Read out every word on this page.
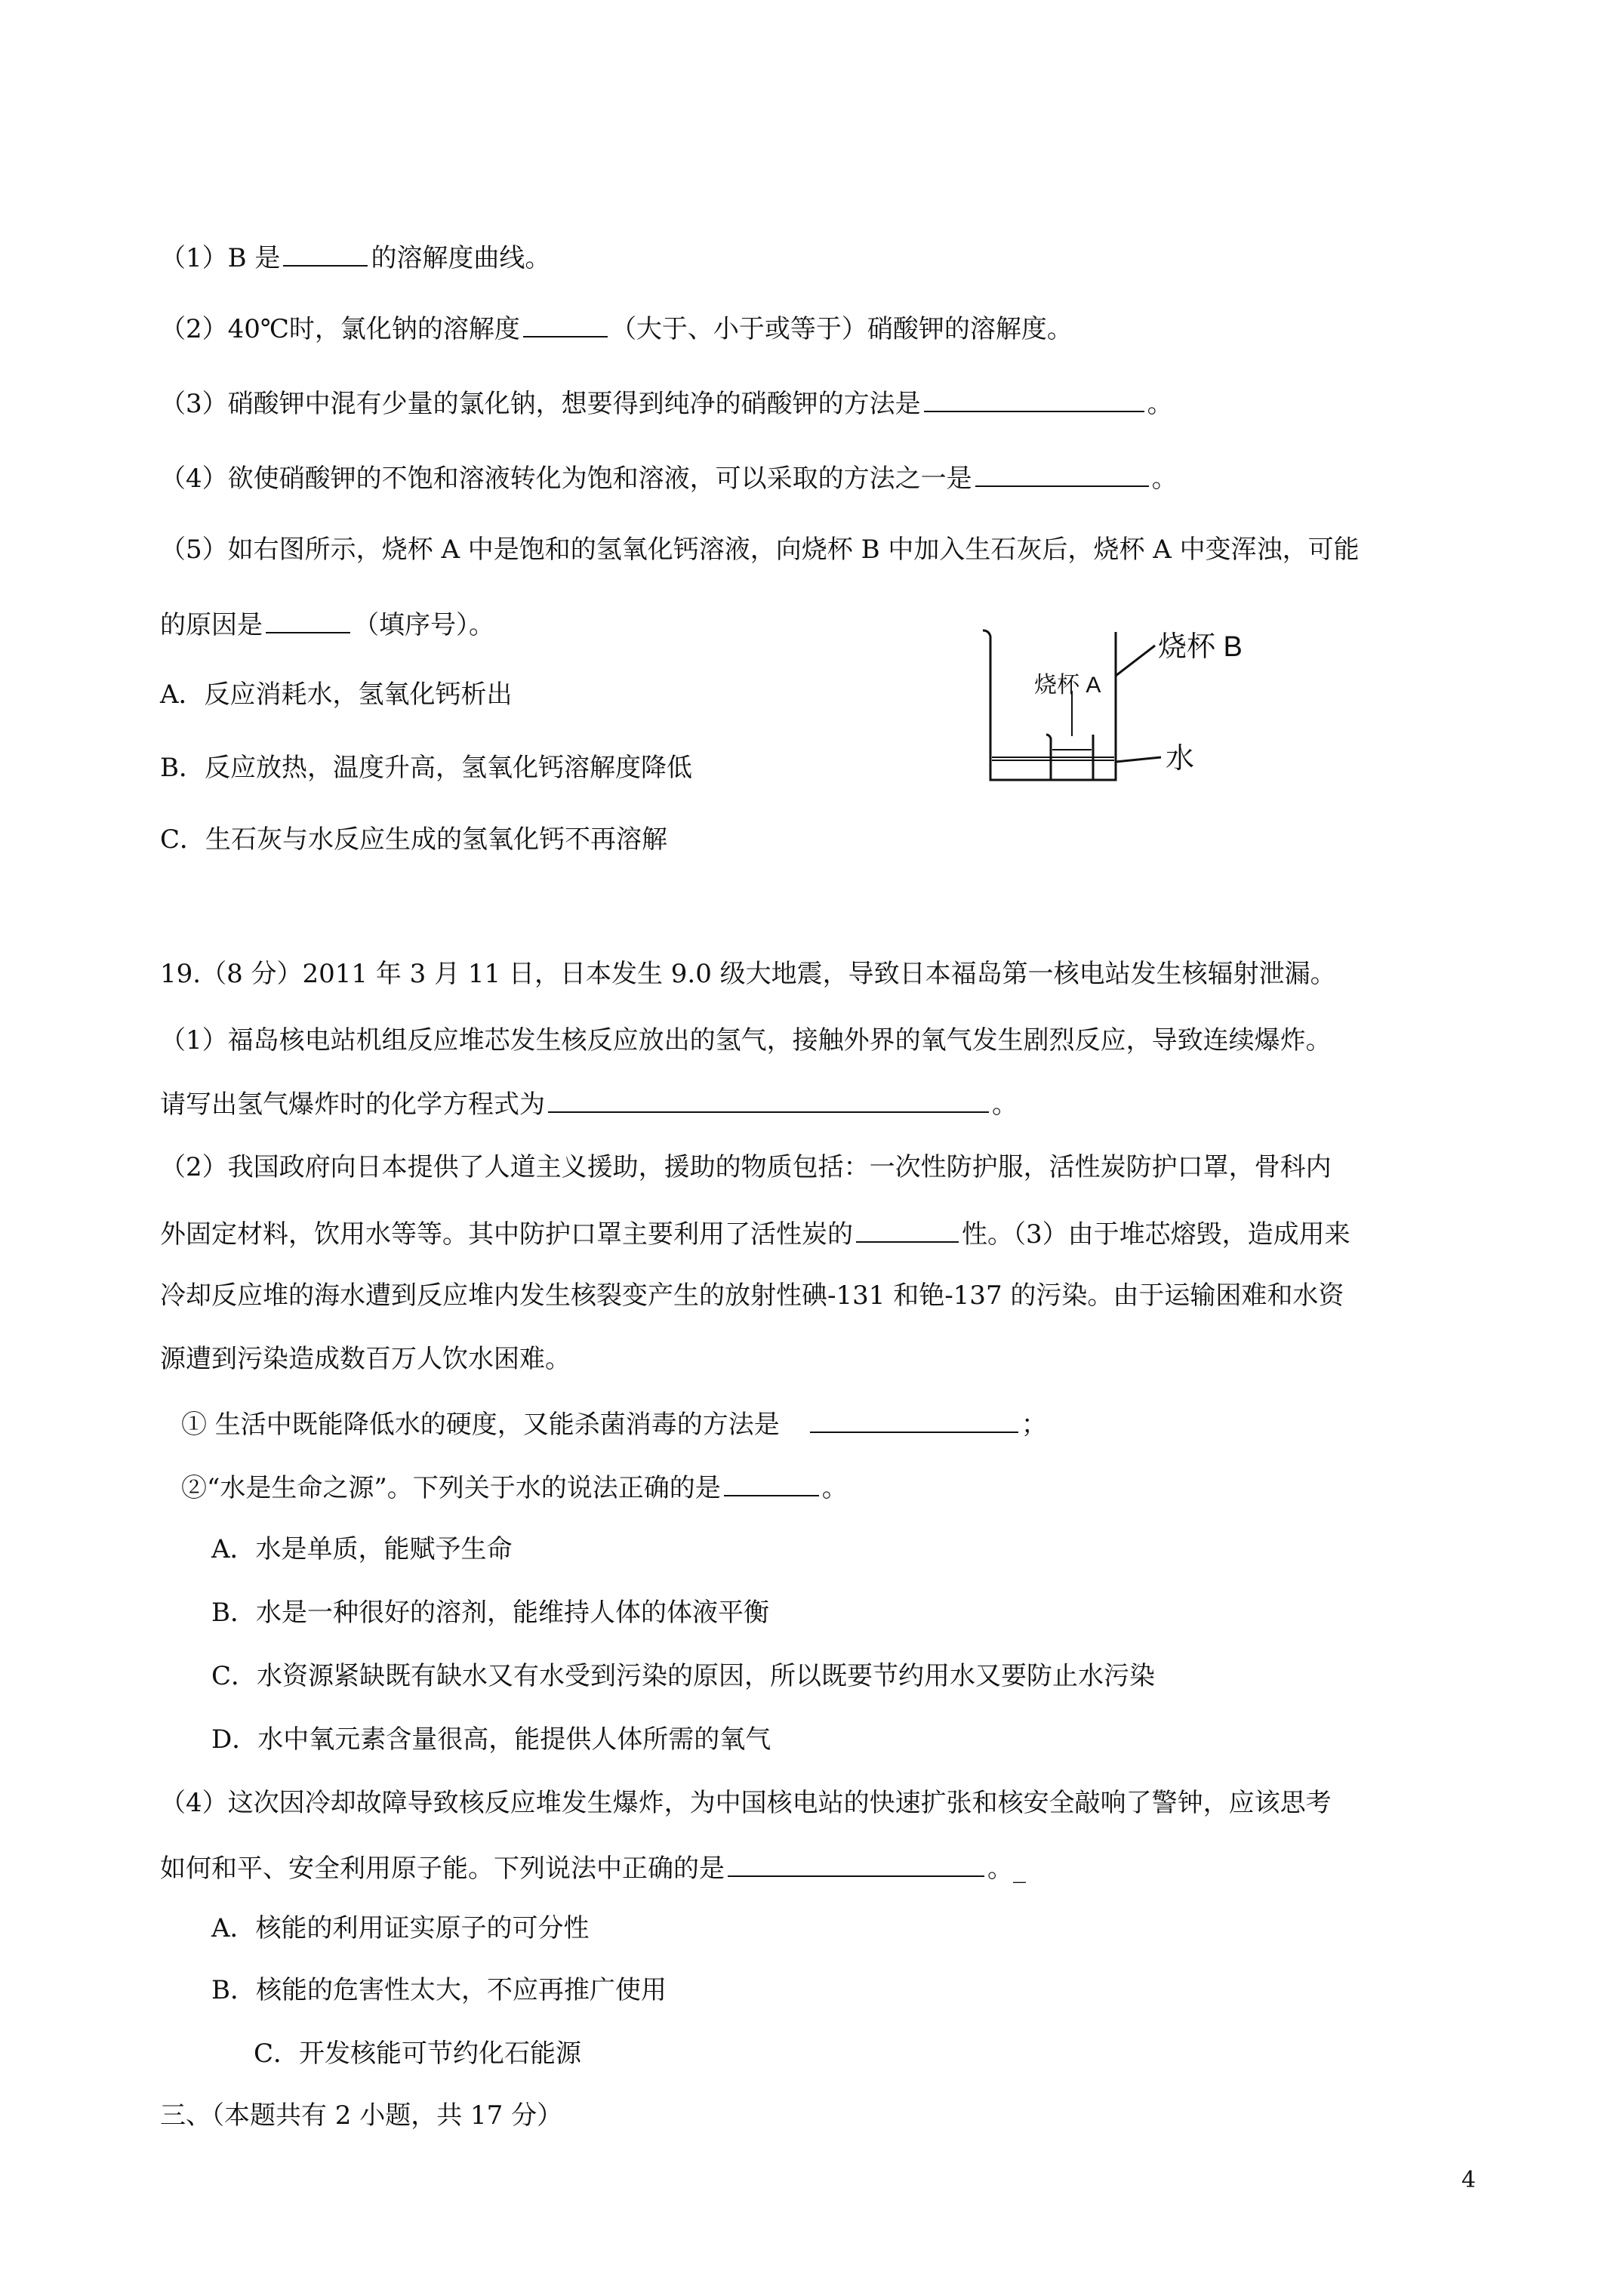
（1）B 是	的溶解度曲线。
（2）40℃时，氯化钠的溶解度	（大于、小于或等于）硝酸钾的溶解度。
（3）硝酸钾中混有少量的氯化钠，想要得到纯净的硝酸钾的方法是	。
（4）欲使硝酸钾的不饱和溶液转化为饱和溶液，可以采取的方法之一是	。
（5）如右图所示，烧杯 A 中是饱和的氢氧化钙溶液，向烧杯 B 中加入生石灰后，烧杯 A 中变浑浊，可能
的原因是	（填序号）。
A．反应消耗水，氢氧化钙析出
B．反应放热，温度升高，氢氧化钙溶解度降低
C．生石灰与水反应生成的氢氧化钙不再溶解
烧杯 A
烧杯 B
水
19.（8 分）2011 年 3 月 11 日，日本发生 9.0 级大地震，导致日本福岛第一核电站发生核辐射泄漏。
（1）福岛核电站机组反应堆芯发生核反应放出的氢气，接触外界的氧气发生剧烈反应，导致连续爆炸。
请写出氢气爆炸时的化学方程式为	。
（2）我国政府向日本提供了人道主义援助，援助的物质包括：一次性防护服，活性炭防护口罩，骨科内
外固定材料，饮用水等等。其中防护口罩主要利用了活性炭的	性。（3）由于堆芯熔毁，造成用来
冷却反应堆的海水遭到反应堆内发生核裂变产生的放射性碘-131 和铯-137 的污染。由于运输困难和水资
源遭到污染造成数百万人饮水困难。
① 生活中既能降低水的硬度，又能杀菌消毒的方法是	；
②“水是生命之源”。下列关于水的说法正确的是	。
A．水是单质，能赋予生命
B．水是一种很好的溶剂，能维持人体的体液平衡
C．水资源紧缺既有缺水又有水受到污染的原因，所以既要节约用水又要防止水污染
D．水中氧元素含量很高，能提供人体所需的氧气
（4）这次因冷却故障导致核反应堆发生爆炸，为中国核电站的快速扩张和核安全敲响了警钟，应该思考
如何和平、安全利用原子能。下列说法中正确的是	。_
A．核能的利用证实原子的可分性
B．核能的危害性太大，不应再推广使用
C．开发核能可节约化石能源
三、（本题共有 2 小题，共 17 分）
4
